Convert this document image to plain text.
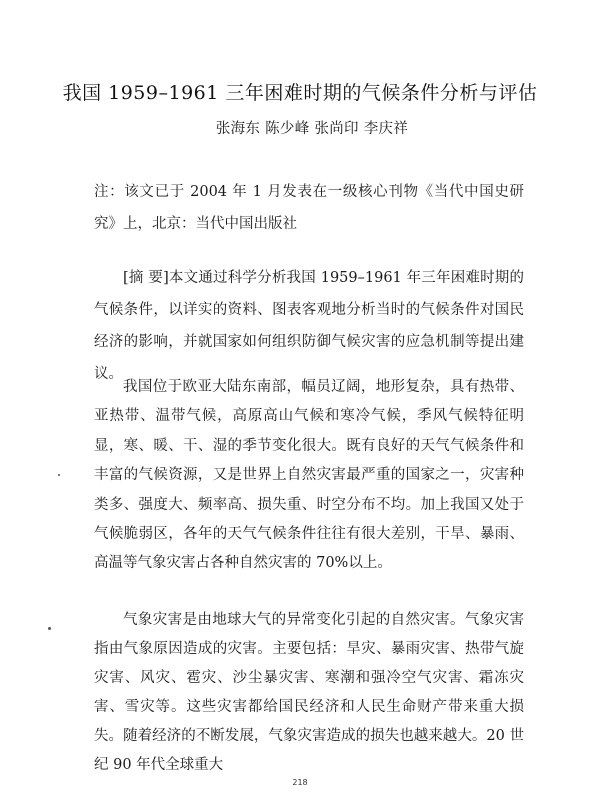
我国 1959–1961 三年困难时期的气候条件分析与评估
张海东 陈少峰 张尚印 李庆祥
注：该文已于 2004 年 1 月发表在一级核心刊物《当代中国史研究》上，北京：当代中国出版社
[摘 要]本文通过科学分析我国 1959–1961 年三年困难时期的气候条件，以详实的资料、图表客观地分析当时的气候条件对国民经济的影响，并就国家如何组织防御气候灾害的应急机制等提出建议。
我国位于欧亚大陆东南部，幅员辽阔，地形复杂，具有热带、亚热带、温带气候，高原高山气候和寒冷气候，季风气候特征明显，寒、暖、干、湿的季节变化很大。既有良好的天气气候条件和丰富的气候资源，又是世界上自然灾害最严重的国家之一，灾害种类多、强度大、频率高、损失重、时空分布不均。加上我国又处于气候脆弱区，各年的天气气候条件往往有很大差别，干旱、暴雨、高温等气象灾害占各种自然灾害的 70%以上。
气象灾害是由地球大气的异常变化引起的自然灾害。气象灾害指由气象原因造成的灾害。主要包括：旱灾、暴雨灾害、热带气旋灾害、风灾、雹灾、沙尘暴灾害、寒潮和强冷空气灾害、霜冻灾害、雪灾等。这些灾害都给国民经济和人民生命财产带来重大损失。随着经济的不断发展，气象灾害造成的损失也越来越大。20 世纪 90 年代全球重大
218
